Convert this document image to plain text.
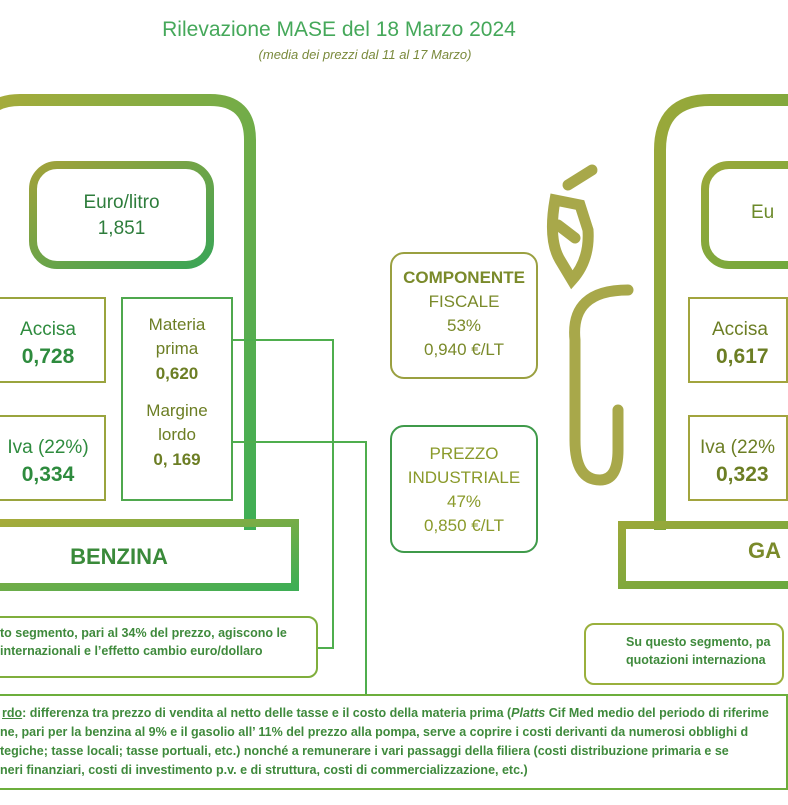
Rilevazione MASE del 18 Marzo 2024
(media dei prezzi dal 11 al 17 Marzo)
Euro/litro
1,851
Accisa
0,728
Iva (22%)
0,334
Materia
prima
0,620
Margine
lordo
0, 169
BENZINA
to segmento, pari al 34% del prezzo, agiscono le internazionali e l’effetto cambio euro/dollaro
COMPONENTE
FISCALE
53%
0,940 €/LT
PREZZO
INDUSTRIALE
47%
0,850 €/LT
Eu
Accisa
0,617
Iva (22%
0,323
GA
Su questo segmento, pa
quotazioni internaziona
rdo: differenza tra prezzo di vendita al netto delle tasse e il costo della materia prima (Platts Cif Med medio del periodo di riferime
ne, pari per la benzina al 9% e il gasolio all’ 11% del prezzo alla pompa, serve a coprire i costi derivanti da numerosi obblighi d
tegiche; tasse locali; tasse portuali, etc.) nonché a remunerare i vari passaggi della filiera (costi distribuzione primaria e se
neri finanziari, costi di investimento p.v. e di struttura, costi di commercializzazione, etc.)
